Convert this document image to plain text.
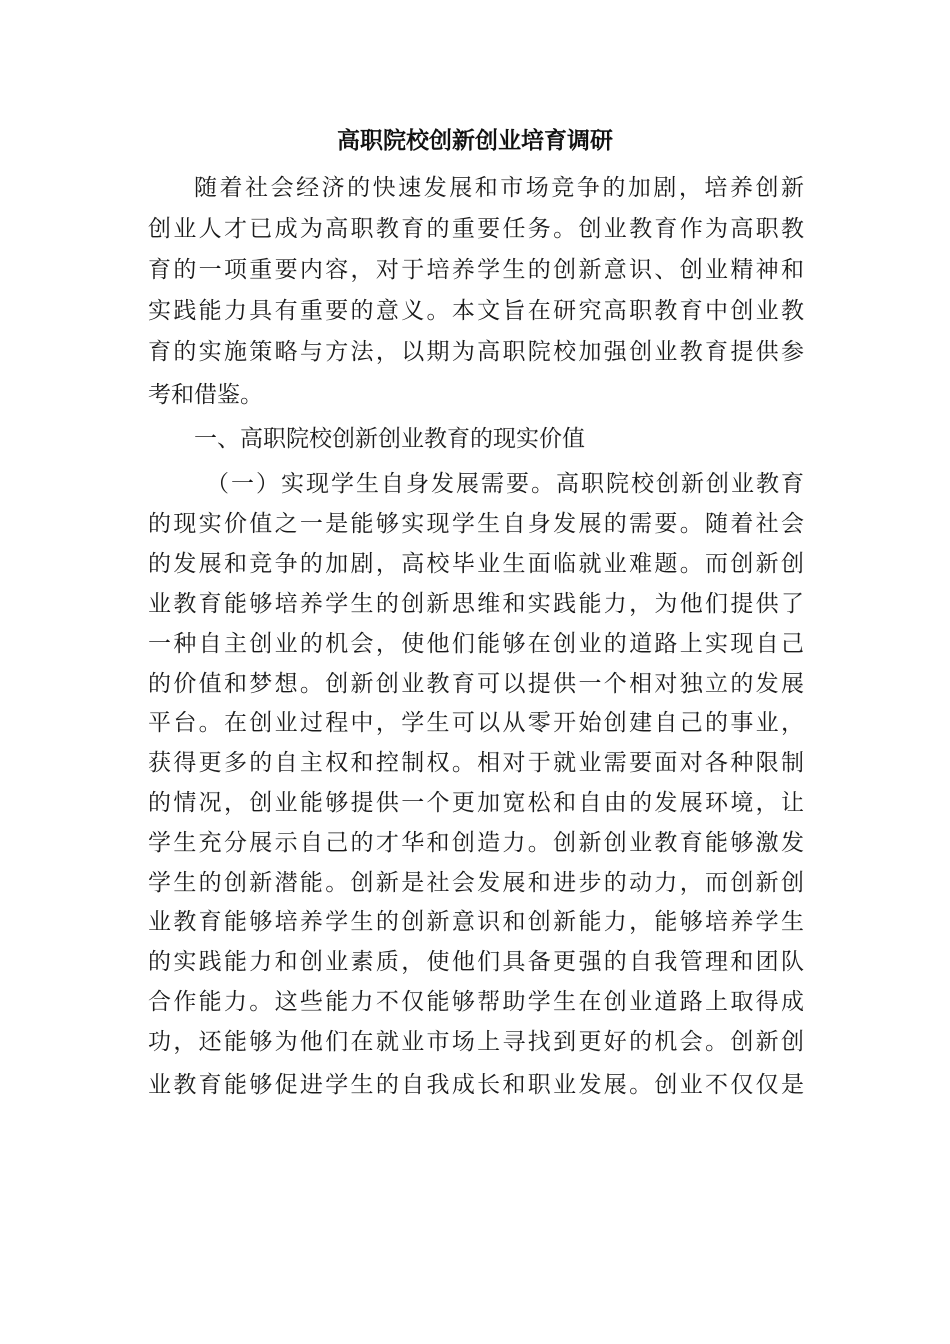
高职院校创新创业培育调研

随着社会经济的快速发展和市场竞争的加剧，培养创新

创业人才已成为高职教育的重要任务。创业教育作为高职教

育的一项重要内容，对于培养学生的创新意识、创业精神和

实践能力具有重要的意义。本文旨在研究高职教育中创业教

育的实施策略与方法，以期为高职院校加强创业教育提供参

考和借鉴。

一、高职院校创新创业教育的现实价值

（一）实现学生自身发展需要。高职院校创新创业教育

的现实价值之一是能够实现学生自身发展的需要。随着社会

的发展和竞争的加剧，高校毕业生面临就业难题。而创新创

业教育能够培养学生的创新思维和实践能力，为他们提供了

一种自主创业的机会，使他们能够在创业的道路上实现自己

的价值和梦想。创新创业教育可以提供一个相对独立的发展

平台。在创业过程中，学生可以从零开始创建自己的事业，

获得更多的自主权和控制权。相对于就业需要面对各种限制

的情况，创业能够提供一个更加宽松和自由的发展环境，让

学生充分展示自己的才华和创造力。创新创业教育能够激发

学生的创新潜能。创新是社会发展和进步的动力，而创新创

业教育能够培养学生的创新意识和创新能力，能够培养学生

的实践能力和创业素质，使他们具备更强的自我管理和团队

合作能力。这些能力不仅能够帮助学生在创业道路上取得成

功，还能够为他们在就业市场上寻找到更好的机会。创新创

业教育能够促进学生的自我成长和职业发展。创业不仅仅是
